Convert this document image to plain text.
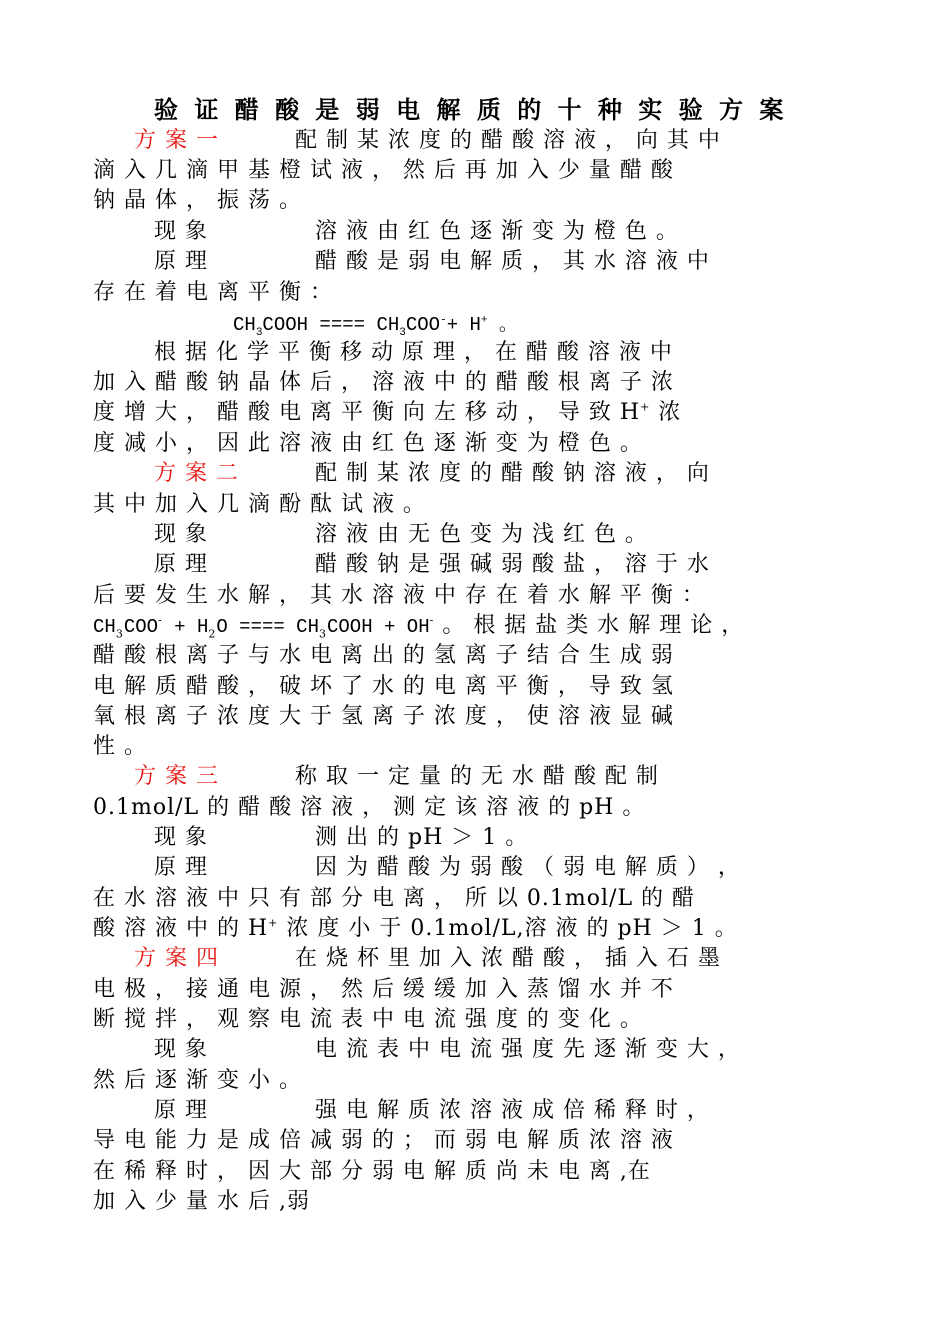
验 证 醋 酸 是 弱 电 解 质 的 十 种 实 验 方 案
方 案 一	配 制 某 浓 度 的 醋 酸 溶 液 ， 向 其 中
滴 入 几 滴 甲 基 橙 试 液 ， 然 后 再 加 入 少 量 醋 酸
钠 晶 体 ， 振 荡 。
现 象	溶 液 由 红 色 逐 渐 变 为 橙 色 。
原 理	醋 酸 是 弱 电 解 质 ， 其 水 溶 液 中
存 在 着 电 离 平 衡 ：
$CH_3COOH$ ==== $CH_3COO^-+ H^+$ 。
根 据 化 学 平 衡 移 动 原 理 ， 在 醋 酸 溶 液 中
加 入 醋 酸 钠 晶 体 后 ， 溶 液 中 的 醋 酸 根 离 子 浓
度 增 大 ， 醋 酸 电 离 平 衡 向 左 移 动 ， 导 致 H+ 浓
度 减 小 ， 因 此 溶 液 由 红 色 逐 渐 变 为 橙 色 。
方 案 二	配 制 某 浓 度 的 醋 酸 钠 溶 液 ， 向
其 中 加 入 几 滴 酚 酞 试 液 。
现 象	溶 液 由 无 色 变 为 浅 红 色 。
原 理	醋 酸 钠 是 强 碱 弱 酸 盐 ， 溶 于 水
后 要 发 生 水 解 ， 其 水 溶 液 中 存 在 着 水 解 平 衡 ：
$CH_3COO^- + H_2O$ ==== $CH_3COOH + OH^-$ 。 根 据 盐 类 水 解 理 论 ，
醋 酸 根 离 子 与 水 电 离 出 的 氢 离 子 结 合 生 成 弱
电 解 质 醋 酸 ， 破 坏 了 水 的 电 离 平 衡 ， 导 致 氢
氧 根 离 子 浓 度 大 于 氢 离 子 浓 度 ， 使 溶 液 显 碱
性 。
方 案 三	称 取 一 定 量 的 无 水 醋 酸 配 制
0.1mol/L 的 醋 酸 溶 液 ， 测 定 该 溶 液 的 pH 。
现 象	测 出 的 pH ＞ 1 。
原 理	因 为 醋 酸 为 弱 酸 （ 弱 电 解 质 ） ，
在 水 溶 液 中 只 有 部 分 电 离 ， 所 以 0.1mol/L 的 醋
酸 溶 液 中 的 H+ 浓 度 小 于 0.1mol/L,溶 液 的 pH ＞ 1 。
方 案 四	在 烧 杯 里 加 入 浓 醋 酸 ， 插 入 石 墨
电 极 ， 接 通 电 源 ， 然 后 缓 缓 加 入 蒸 馏 水 并 不
断 搅 拌 ， 观 察 电 流 表 中 电 流 强 度 的 变 化 。
现 象	电 流 表 中 电 流 强 度 先 逐 渐 变 大 ，
然 后 逐 渐 变 小 。
原 理	强 电 解 质 浓 溶 液 成 倍 稀 释 时 ，
导 电 能 力 是 成 倍 减 弱 的 ； 而 弱 电 解 质 浓 溶 液
在 稀 释 时 ， 因 大 部 分 弱 电 解 质 尚 未 电 离 ,在
加 入 少 量 水 后 ,弱
